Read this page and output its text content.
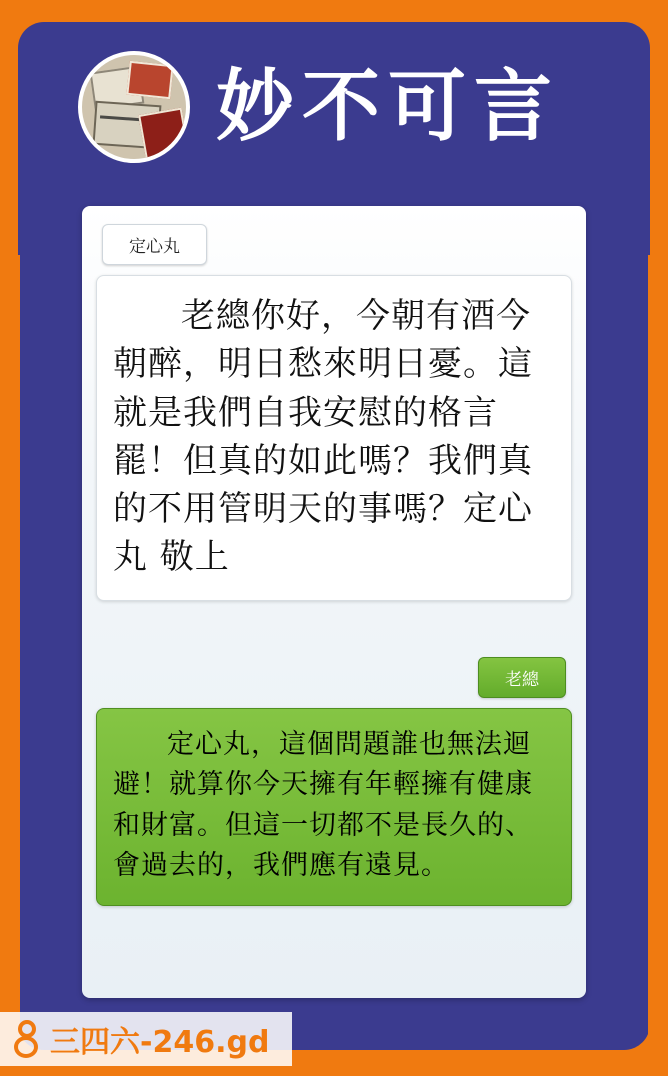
妙不可言
定心丸
老總你好，今朝有酒今朝醉，明日愁來明日憂。這就是我們自我安慰的格言罷！但真的如此嗎？我們真的不用管明天的事嗎？定心丸 敬上
老總
定心丸，這個問題誰也無法迴避！就算你今天擁有年輕擁有健康和財富。但這一切都不是長久的、會過去的，我們應有遠見。
三四六-246.gd
